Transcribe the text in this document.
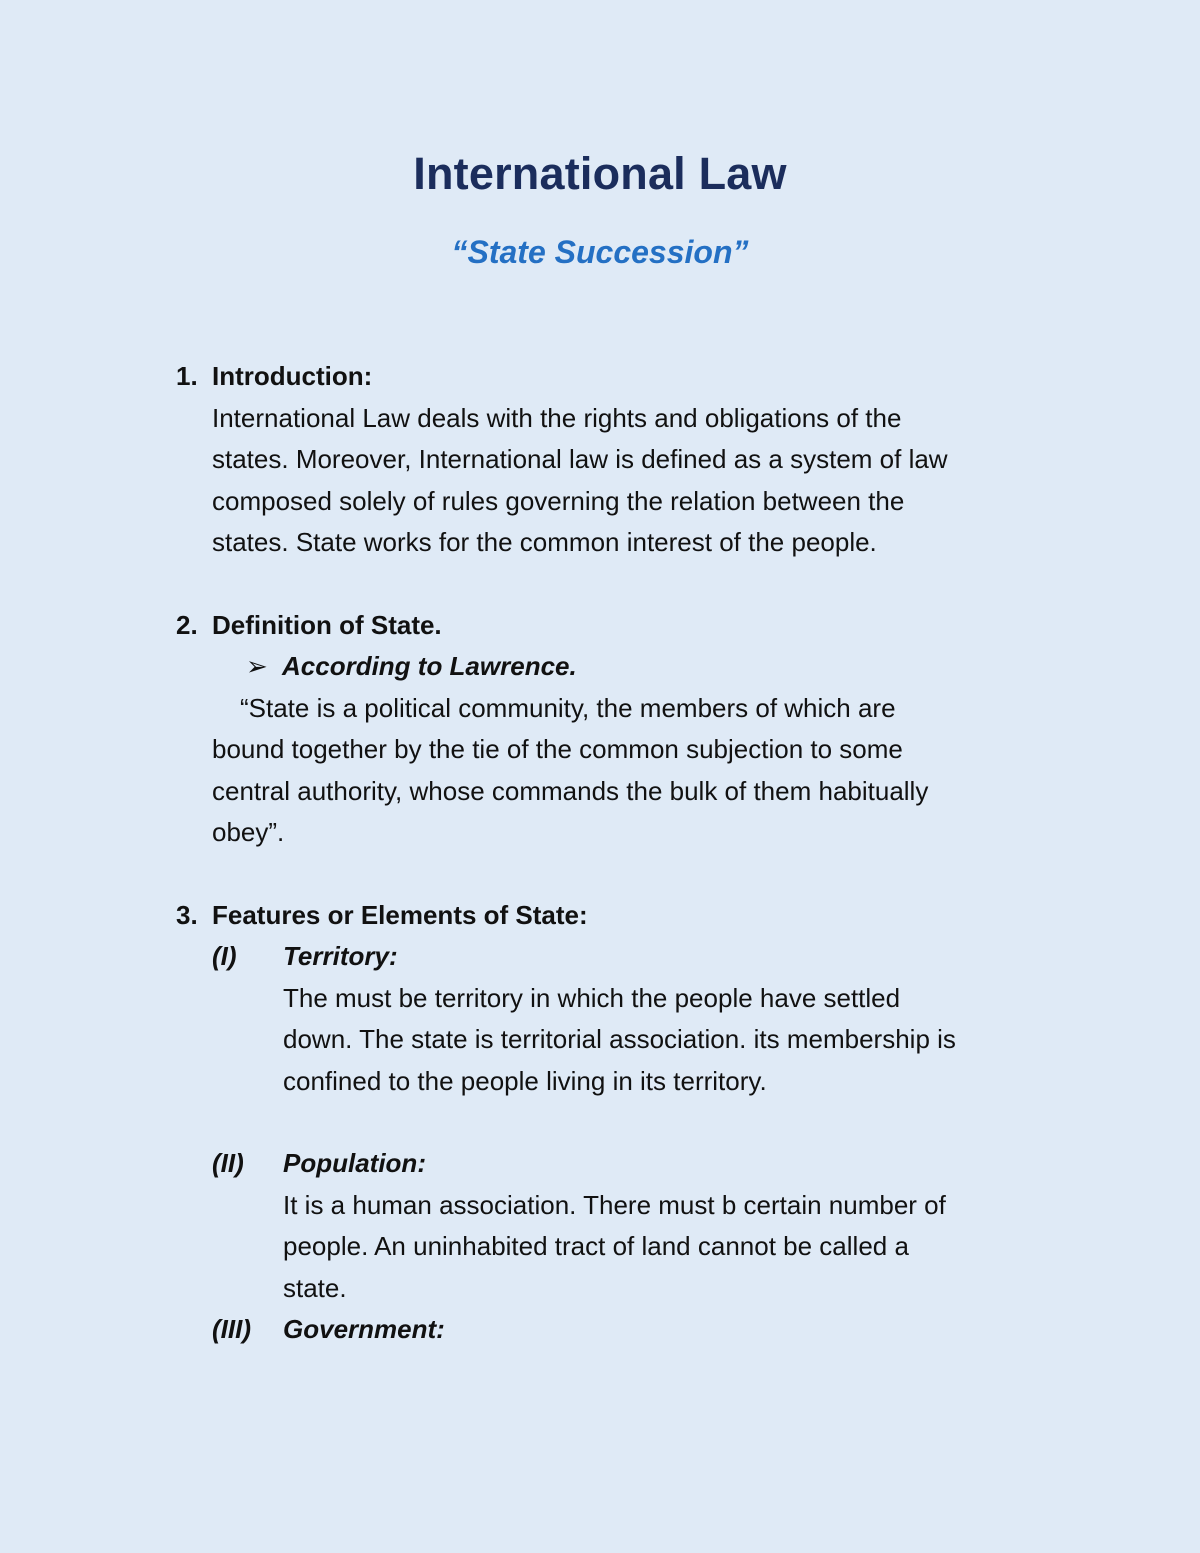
International Law
“State Succession”
1. Introduction:
International Law deals with the rights and obligations of the
states. Moreover, International law is defined as a system of law
composed solely of rules governing the relation between the
states. State works for the common interest of the people.
2. Definition of State.
➢ According to Lawrence.
“State is a political community, the members of which are
bound together by the tie of the common subjection to some
central authority, whose commands the bulk of them habitually
obey”.
3. Features or Elements of State:
(I) Territory:
The must be territory in which the people have settled
down. The state is territorial association. its membership is
confined to the people living in its territory.
(II) Population:
It is a human association. There must b certain number of
people. An uninhabited tract of land cannot be called a
state.
(III) Government:
